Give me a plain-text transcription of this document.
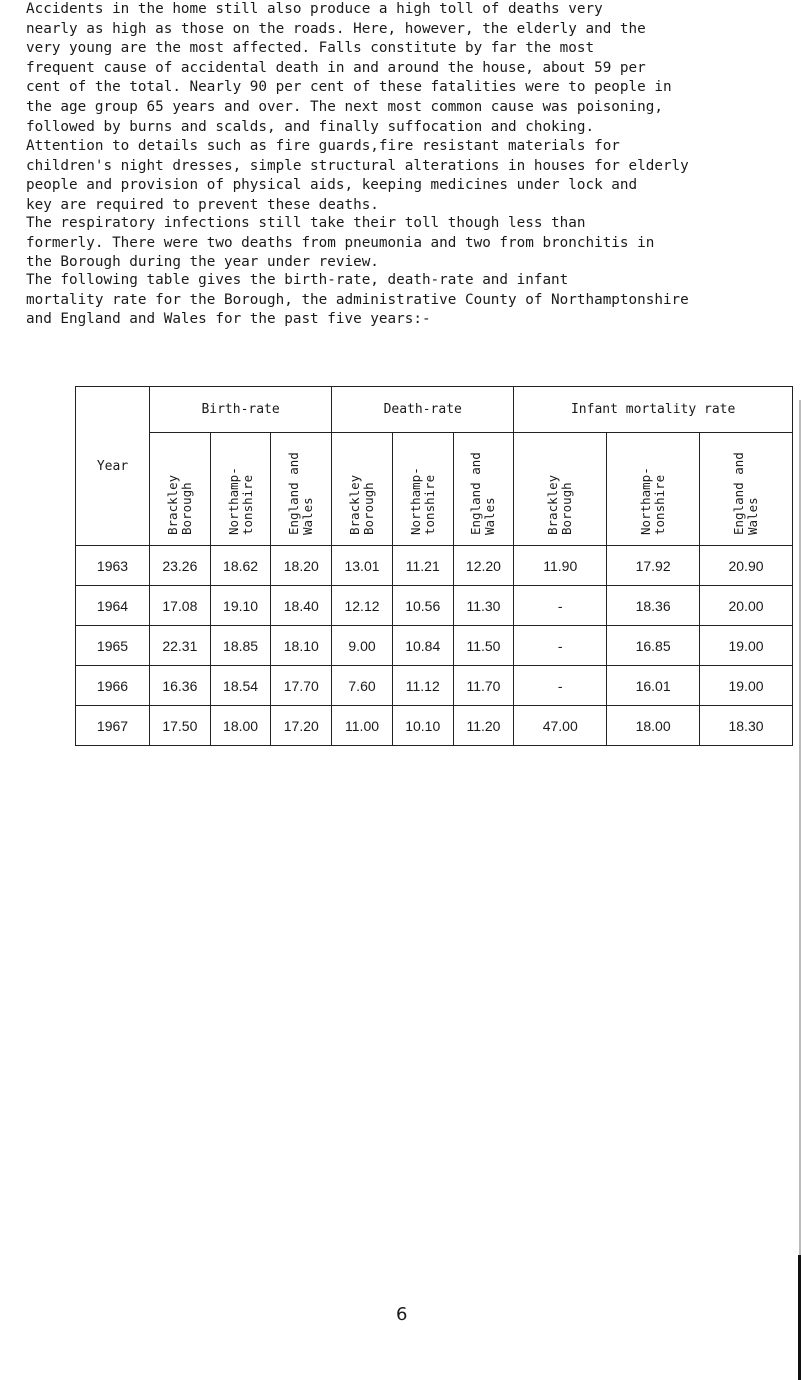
Accidents in the home still also produce a high toll of deaths very
nearly as high as those on the roads. Here, however, the elderly and the
very young are the most affected. Falls constitute by far the most
frequent cause of accidental death in and around the house, about 59 per
cent of the total. Nearly 90 per cent of these fatalities were to people in
the age group 65 years and over. The next most common cause was poisoning,
followed by burns and scalds, and finally suffocation and choking.
Attention to details such as fire guards,fire resistant materials for
children's night dresses, simple structural alterations in houses for elderly
people and provision of physical aids, keeping medicines under lock and
key are required to prevent these deaths.
The respiratory infections still take their toll though less than
formerly. There were two deaths from pneumonia and two from bronchitis in
the Borough during the year under review.
The following table gives the birth-rate, death-rate and infant
mortality rate for the Borough, the administrative County of Northamptonshire
and England and Wales for the past five years:-
Year	Birth-rate			Death-rate			Infant mortality rate		
	Brackley Borough	Northamp-tonshire	England and Wales	Brackley Borough	Northamp-tonshire	England and Wales	Brackley Borough	Northamp-tonshire	England and Wales
1963	23.26	18.62	18.20	13.01	11.21	12.20	11.90	17.92	20.90
1964	17.08	19.10	18.40	12.12	10.56	11.30	-	18.36	20.00
1965	22.31	18.85	18.10	9.00	10.84	11.50	-	16.85	19.00
1966	16.36	18.54	17.70	7.60	11.12	11.70	-	16.01	19.00
1967	17.50	18.00	17.20	11.00	10.10	11.20	47.00	18.00	18.30
6
